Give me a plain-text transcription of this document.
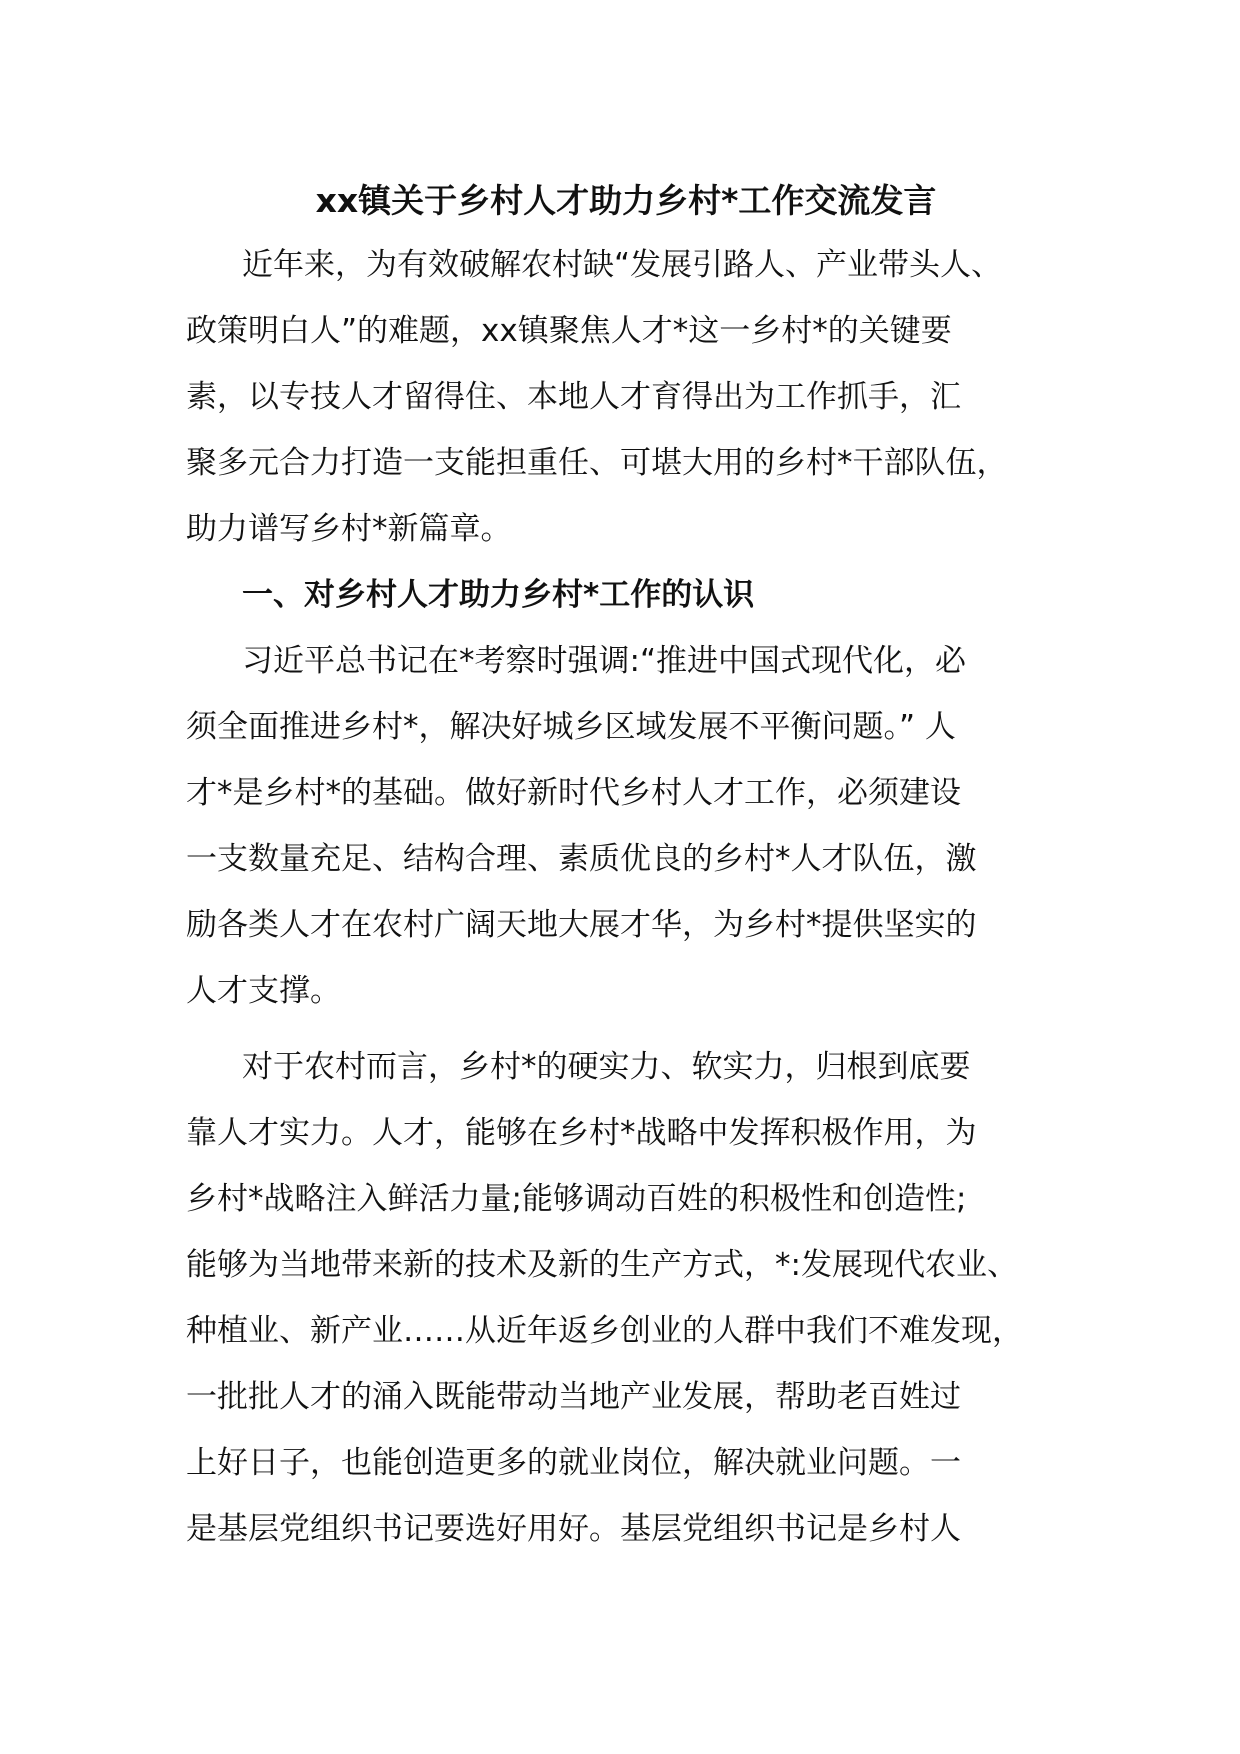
xx镇关于乡村人才助力乡村*工作交流发言
近年来，为有效破解农村缺“发展引路人、产业带头人、
政策明白人”的难题，xx镇聚焦人才*这一乡村*的关键要
素，以专技人才留得住、本地人才育得出为工作抓手，汇
聚多元合力打造一支能担重任、可堪大用的乡村*干部队伍，
助力谱写乡村*新篇章。
一、对乡村人才助力乡村*工作的认识
习近平总书记在*考察时强调:“推进中国式现代化，必
须全面推进乡村*，解决好城乡区域发展不平衡问题。” 人
才*是乡村*的基础。做好新时代乡村人才工作，必须建设
一支数量充足、结构合理、素质优良的乡村*人才队伍，激
励各类人才在农村广阔天地大展才华，为乡村*提供坚实的
人才支撑。
对于农村而言，乡村*的硬实力、软实力，归根到底要
靠人才实力。人才，能够在乡村*战略中发挥积极作用，为
乡村*战略注入鲜活力量;能够调动百姓的积极性和创造性;
能够为当地带来新的技术及新的生产方式，*:发展现代农业、
种植业、新产业……从近年返乡创业的人群中我们不难发现，
一批批人才的涌入既能带动当地产业发展，帮助老百姓过
上好日子，也能创造更多的就业岗位，解决就业问题。一
是基层党组织书记要选好用好。基层党组织书记是乡村人
